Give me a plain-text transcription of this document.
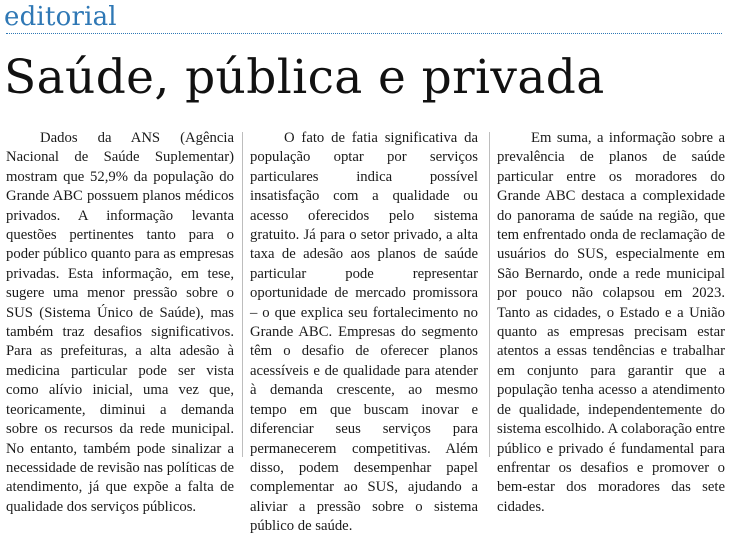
editorial
Saúde, pública e privada

Dados da ANS (Agência Nacional de Saúde Suplementar) mostram que 52,9% da população do Grande ABC possuem planos médicos privados. A informação levanta questões pertinentes tanto para o poder público quanto para as empresas privadas. Esta informação, em tese, sugere uma menor pressão sobre o SUS (Sistema Único de Saúde), mas também traz desafios significativos. Para as prefeituras, a alta adesão à medicina particular pode ser vista como alívio inicial, uma vez que, teoricamente, diminui a demanda sobre os recursos da rede municipal. No entanto, também pode sinalizar a necessidade de revisão nas políticas de atendimento, já que expõe a falta de qualidade dos serviços públicos.

O fato de fatia significativa da população optar por serviços particulares indica possível insatisfação com a qualidade ou acesso oferecidos pelo sistema gratuito. Já para o setor privado, a alta taxa de adesão aos planos de saúde particular pode representar oportunidade de mercado promissora – o que explica seu fortalecimento no Grande ABC. Empresas do segmento têm o desafio de oferecer planos acessíveis e de qualidade para atender à demanda crescente, ao mesmo tempo em que buscam inovar e diferenciar seus serviços para permanecerem competitivas. Além disso, podem desempenhar papel complementar ao SUS, ajudando a aliviar a pressão sobre o sistema público de saúde.

Em suma, a informação sobre a prevalência de planos de saúde particular entre os moradores do Grande ABC destaca a complexidade do panorama de saúde na região, que tem enfrentado onda de reclamação de usuários do SUS, especialmente em São Bernardo, onde a rede municipal por pouco não colapsou em 2023. Tanto as cidades, o Estado e a União quanto as empresas precisam estar atentos a essas tendências e trabalhar em conjunto para garantir que a população tenha acesso a atendimento de qualidade, independentemente do sistema escolhido. A colaboração entre público e privado é fundamental para enfrentar os desafios e promover o bem-estar dos moradores das sete cidades.
